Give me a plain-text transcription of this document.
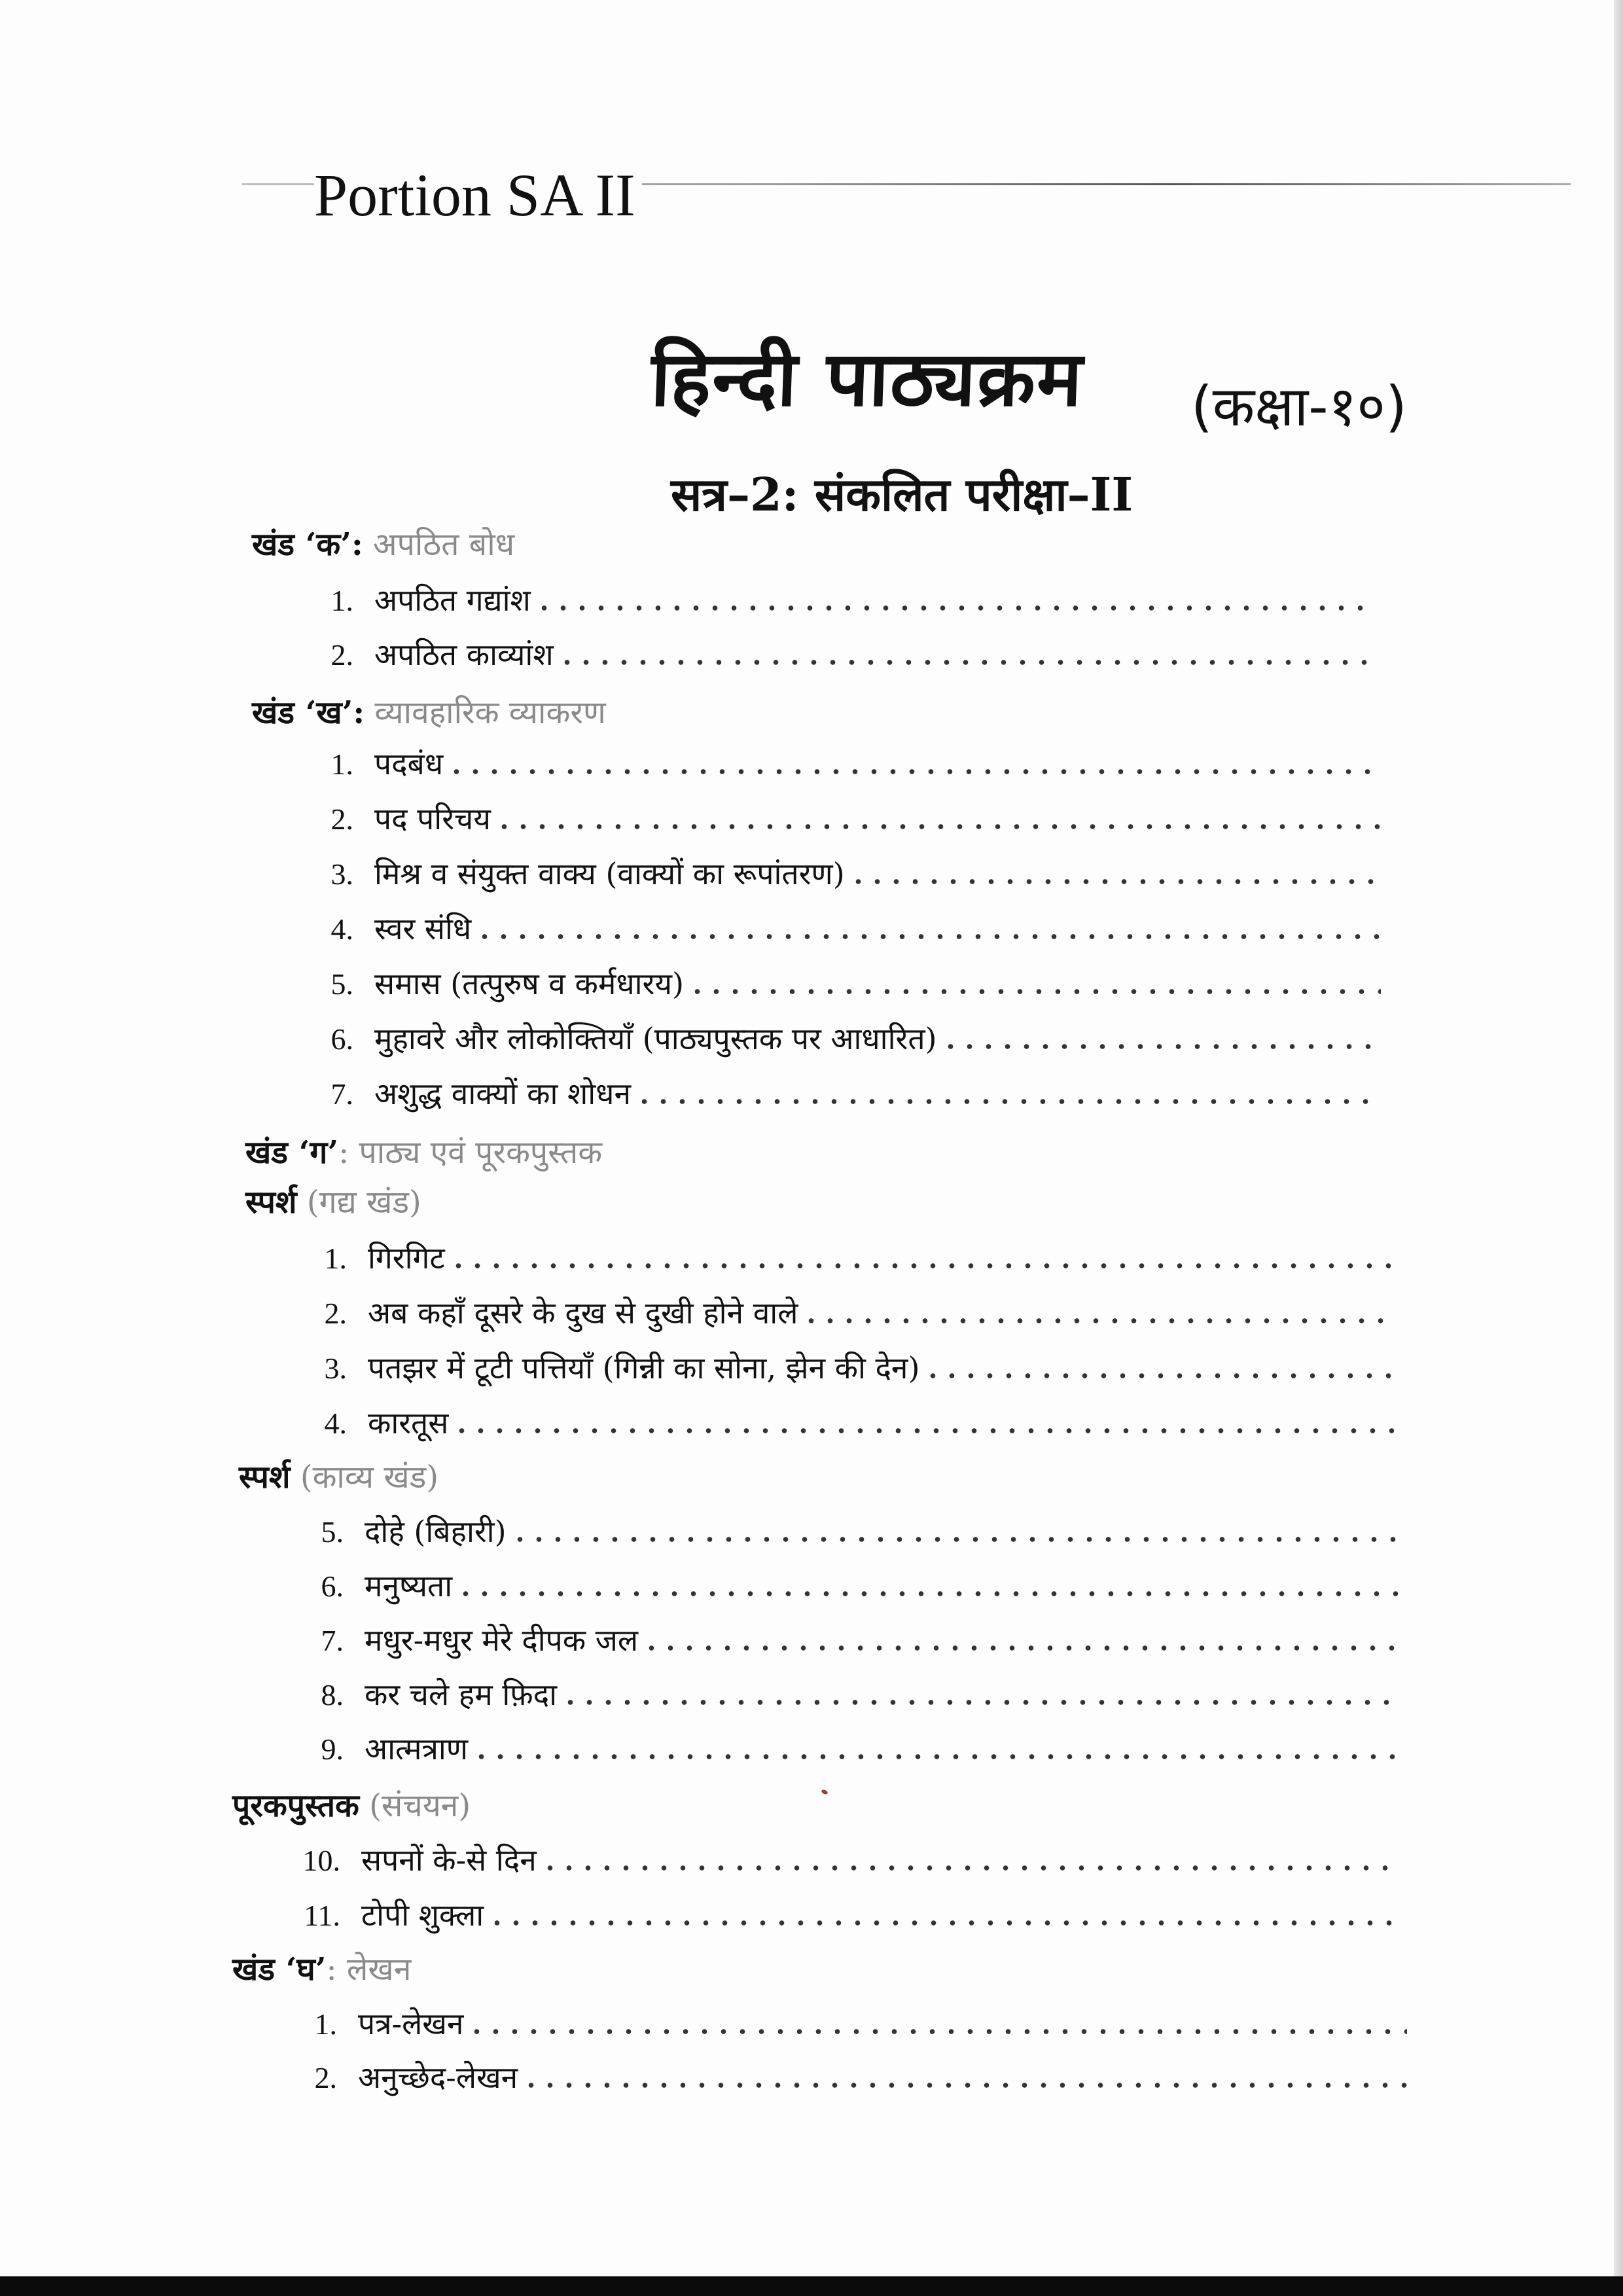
Portion SA II
हिन्दी पाठ्यक्रम (कक्षा-१०)
सत्र–2: संकलित परीक्षा–II
खंड ‘क’: अपठित बोध
1. अपठित गद्यांश
2. अपठित काव्यांश
खंड ‘ख’: व्यावहारिक व्याकरण
1. पदबंध
2. पद परिचय
3. मिश्र व संयुक्त वाक्य (वाक्यों का रूपांतरण)
4. स्वर संधि
5. समास (तत्पुरुष व कर्मधारय)
6. मुहावरे और लोकोक्तियाँ (पाठ्यपुस्तक पर आधारित)
7. अशुद्ध वाक्यों का शोधन
खंड ‘ग’: पाठ्य एवं पूरकपुस्तक
स्पर्श (गद्य खंड)
1. गिरगिट
2. अब कहाँ दूसरे के दुख से दुखी होने वाले
3. पतझर में टूटी पत्तियाँ (गिन्नी का सोना, झेन की देन)
4. कारतूस
स्पर्श (काव्य खंड)
5. दोहे (बिहारी)
6. मनुष्यता
7. मधुर-मधुर मेरे दीपक जल
8. कर चले हम फ़िदा
9. आत्मत्राण
पूरकपुस्तक (संचयन)
10. सपनों के-से दिन
11. टोपी शुक्ला
खंड ‘घ’: लेखन
1. पत्र-लेखन
2. अनुच्छेद-लेखन
